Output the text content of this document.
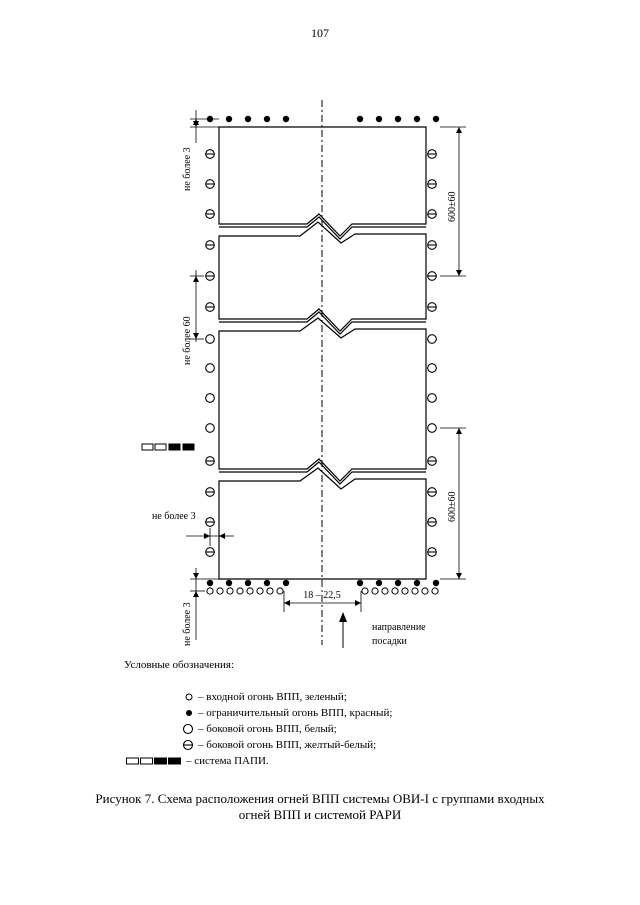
107
не более 3
600±60
не более 60
600±60
не более 3
не более 3
18 – 22,5
направление
посадки
Условные обозначения:
– входной огонь ВПП, зеленый;
– ограничительный огонь ВПП, красный;
– боковой огонь ВПП, белый;
– боковой огонь ВПП, желтый-белый;
– система ПАПИ.
Рисунок 7. Схема расположения огней ВПП системы ОВИ-I с группами входных
огней ВПП и системой PAPИ
